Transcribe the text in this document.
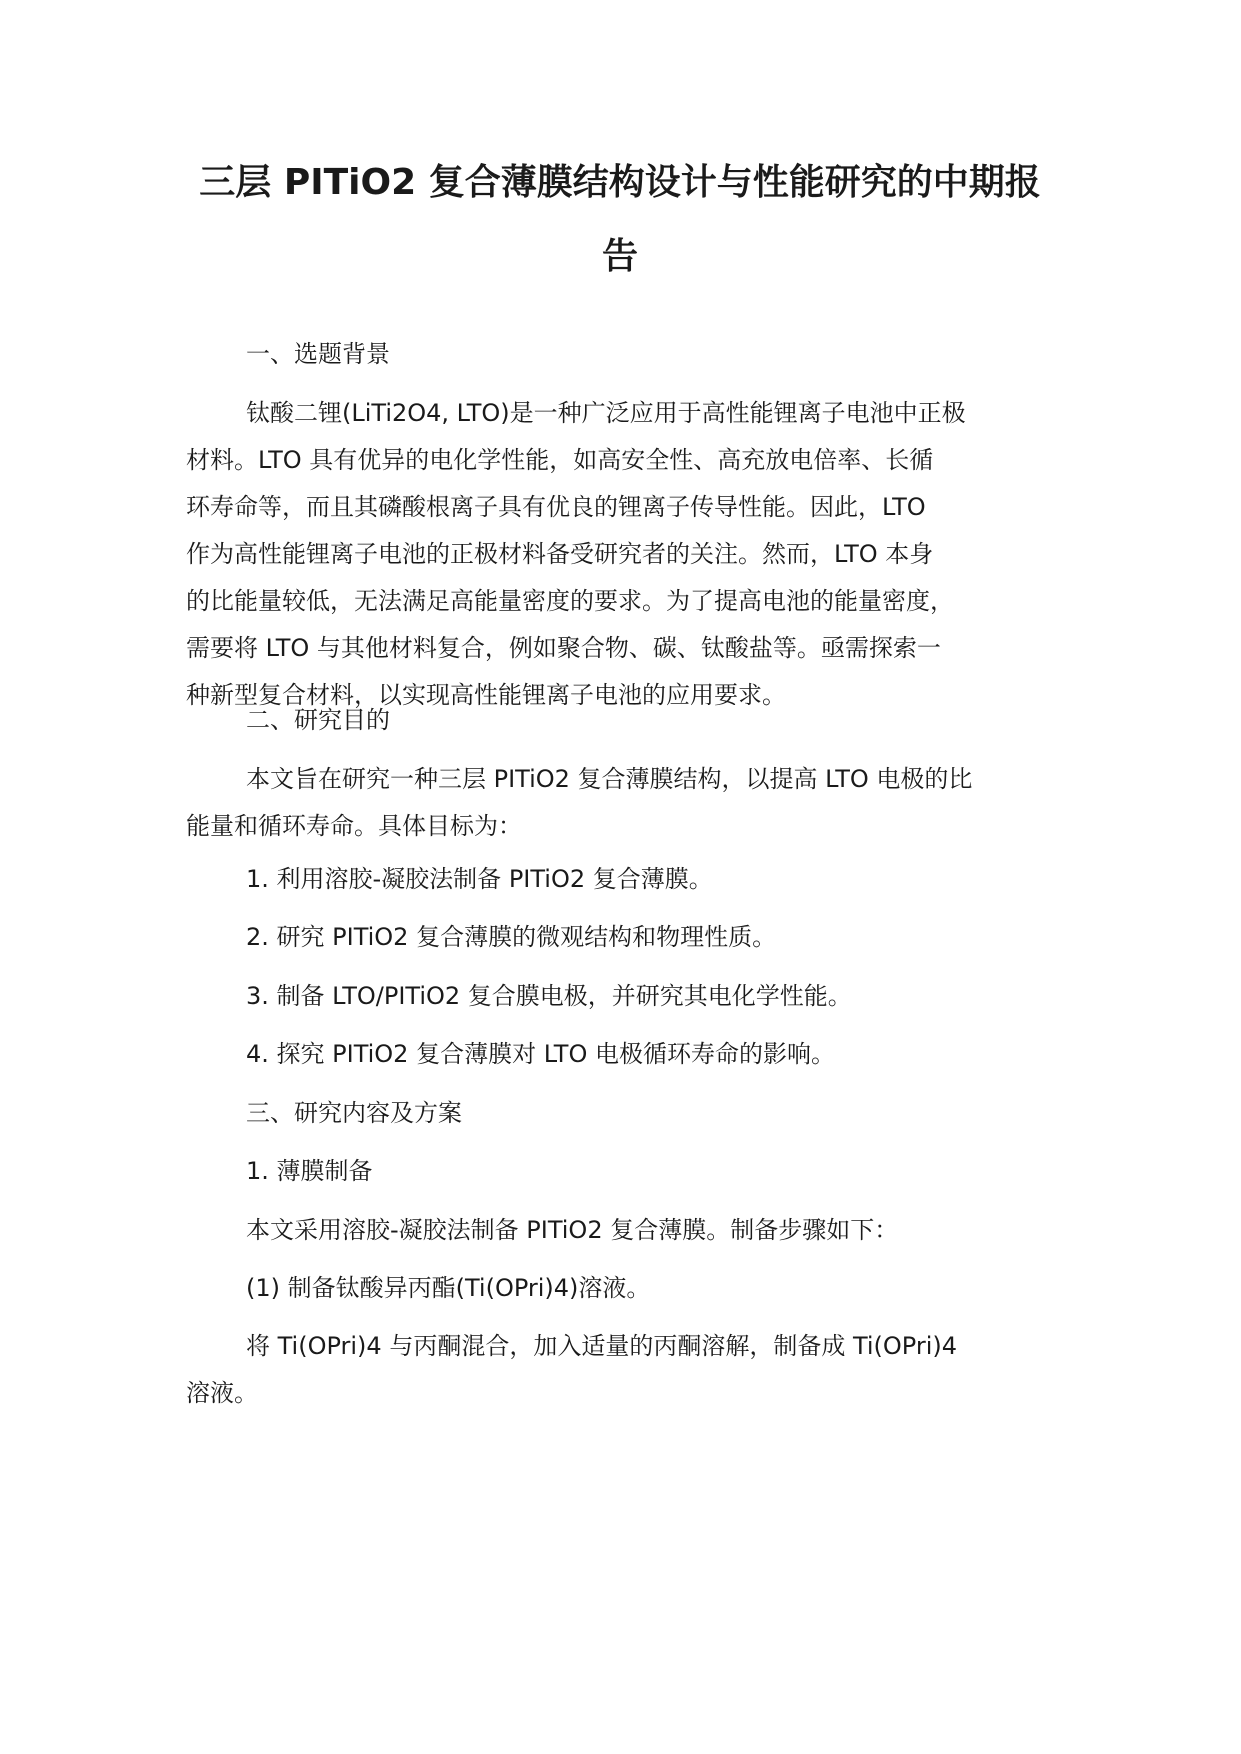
三层 PITiO2 复合薄膜结构设计与性能研究的中期报
告
一、选题背景
钛酸二锂(LiTi2O4, LTO)是一种广泛应用于高性能锂离子电池中正极
材料。LTO 具有优异的电化学性能，如高安全性、高充放电倍率、长循
环寿命等，而且其磷酸根离子具有优良的锂离子传导性能。因此，LTO
作为高性能锂离子电池的正极材料备受研究者的关注。然而，LTO 本身
的比能量较低，无法满足高能量密度的要求。为了提高电池的能量密度，
需要将 LTO 与其他材料复合，例如聚合物、碳、钛酸盐等。亟需探索一
种新型复合材料，以实现高性能锂离子电池的应用要求。
二、研究目的
本文旨在研究一种三层 PITiO2 复合薄膜结构，以提高 LTO 电极的比
能量和循环寿命。具体目标为：
1. 利用溶胶-凝胶法制备 PITiO2 复合薄膜。
2. 研究 PITiO2 复合薄膜的微观结构和物理性质。
3. 制备 LTO/PITiO2 复合膜电极，并研究其电化学性能。
4. 探究 PITiO2 复合薄膜对 LTO 电极循环寿命的影响。
三、研究内容及方案
1. 薄膜制备
本文采用溶胶-凝胶法制备 PITiO2 复合薄膜。制备步骤如下：
(1) 制备钛酸异丙酯(Ti(OPri)4)溶液。
将 Ti(OPri)4 与丙酮混合，加入适量的丙酮溶解，制备成 Ti(OPri)4
溶液。
